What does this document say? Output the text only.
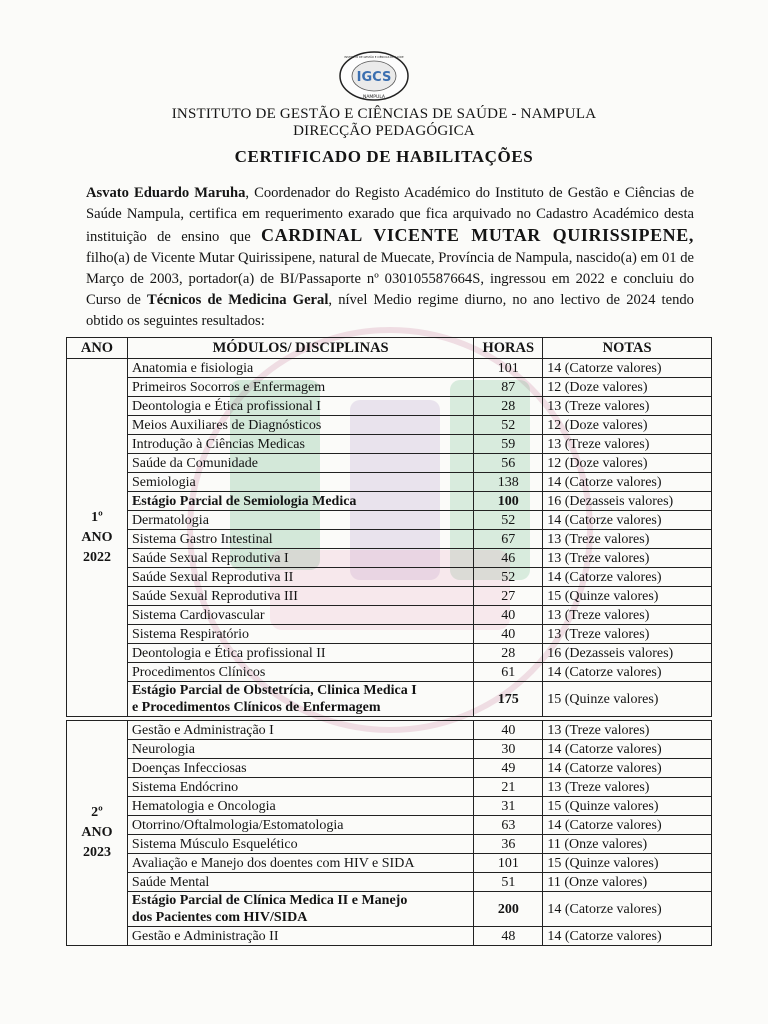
IGCS
NAMPULA
INSTITUTO DE GESTÃO E CIÊNCIAS DE SAÚDE
INSTITUTO DE GESTÃO E CIÊNCIAS DE SAÚDE - NAMPULA
DIRECÇÃO PEDAGÓGICA
CERTIFICADO DE HABILITAÇÕES
Asvato Eduardo Maruha, Coordenador do Registo Académico do Instituto de Gestão e Ciências de Saúde Nampula, certifica em requerimento exarado que fica arquivado no Cadastro Académico desta instituição de ensino que CARDINAL VICENTE MUTAR QUIRISSIPENE, filho(a) de Vicente Mutar Quirissipene, natural de Muecate, Província de Nampula, nascido(a) em 01 de Março de 2003, portador(a) de BI/Passaporte nº 030105587664S, ingressou em 2022 e concluiu do Curso de Técnicos de Medicina Geral, nível Medio regime diurno, no ano lectivo de 2024 tendo obtido os seguintes resultados:
ANO	MÓDULOS/ DISCIPLINAS	HORAS	NOTAS

1º
ANO
2022	Anatomia e fisiologia	101	14 (Catorze valores)
	Primeiros Socorros e Enfermagem	87	12 (Doze valores)
	Deontologia e Ética profissional I	28	13 (Treze valores)
	Meios Auxiliares de Diagnósticos	52	12 (Doze valores)
	Introdução à Ciências Medicas	59	13 (Treze valores)
	Saúde da Comunidade	56	12 (Doze valores)
	Semiologia	138	14 (Catorze valores)
	Estágio Parcial de Semiologia Medica	100	16 (Dezasseis valores)
	Dermatologia	52	14 (Catorze valores)
	Sistema Gastro Intestinal	67	13 (Treze valores)
	Saúde Sexual Reprodutiva I	46	13 (Treze valores)
	Saúde Sexual Reprodutiva II	52	14 (Catorze valores)
	Saúde Sexual Reprodutiva III	27	15 (Quinze valores)
	Sistema Cardiovascular	40	13 (Treze valores)
	Sistema Respiratório	40	13 (Treze valores)
	Deontologia e Ética profissional II	28	16 (Dezasseis valores)
	Procedimentos Clínicos	61	14 (Catorze valores)

	Estágio Parcial de Obstetrícia, Clinica Medica I
e Procedimentos Clínicos de Enfermagem	175	15 (Quinze valores)
2º
ANO
2023	Gestão e Administração I	40	13 (Treze valores)
	Neurologia	30	14 (Catorze valores)
	Doenças Infecciosas	49	14 (Catorze valores)
	Sistema Endócrino	21	13 (Treze valores)
	Hematologia e Oncologia	31	15 (Quinze valores)
	Otorrino/Oftalmologia/Estomatologia	63	14 (Catorze valores)
	Sistema Músculo Esquelético	36	11 (Onze valores)
	Avaliação e Manejo dos doentes com HIV e SIDA	101	15 (Quinze valores)
	Saúde Mental	51	11 (Onze valores)

	Estágio Parcial de Clínica Medica II e Manejo
dos Pacientes com HIV/SIDA	200	14 (Catorze valores)
	Gestão e Administração II	48	14 (Catorze valores)
